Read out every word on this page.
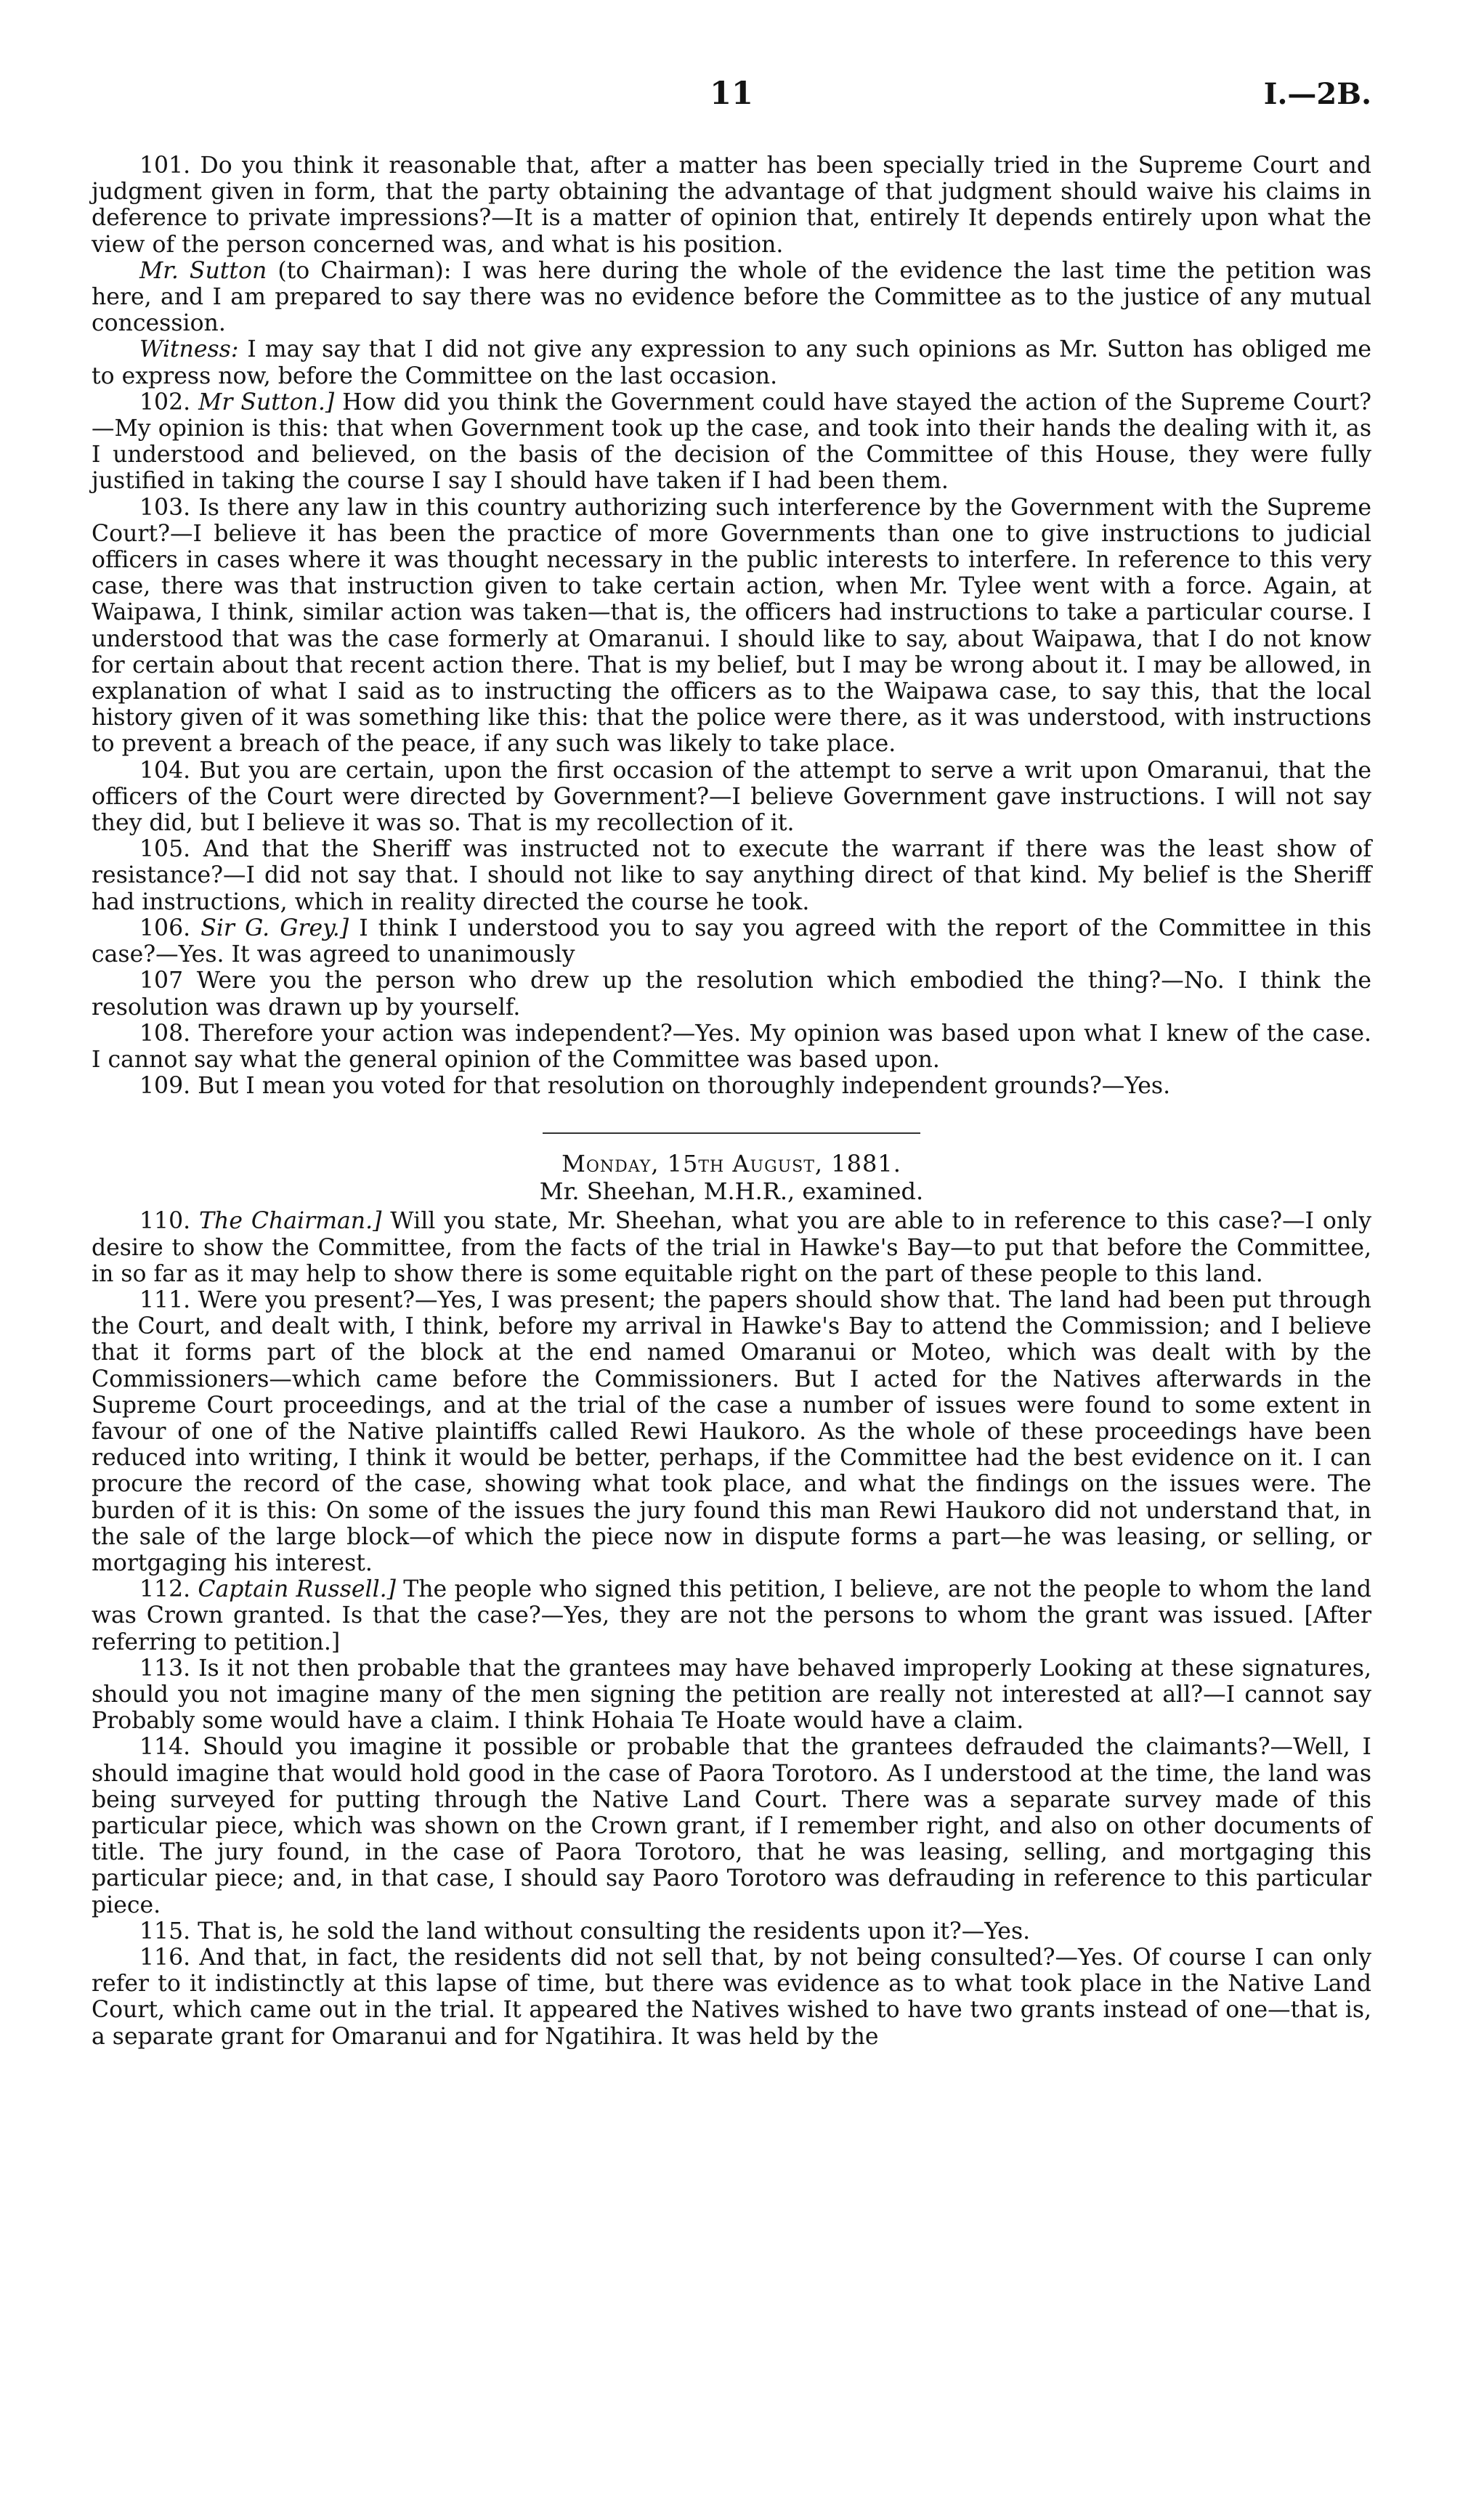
11	I.—2B.

101. Do you think it reasonable that, after a matter has been specially tried in the Supreme Court and judgment given in form, that the party obtaining the advantage of that judgment should waive his claims in deference to private impressions?—It is a matter of opinion that, entirely It depends entirely upon what the view of the person concerned was, and what is his position.

Mr. Sutton (to Chairman): I was here during the whole of the evidence the last time the petition was here, and I am prepared to say there was no evidence before the Committee as to the justice of any mutual concession.

Witness: I may say that I did not give any expression to any such opinions as Mr. Sutton has obliged me to express now, before the Committee on the last occasion.

102. Mr Sutton.] How did you think the Government could have stayed the action of the Supreme Court?—My opinion is this: that when Government took up the case, and took into their hands the dealing with it, as I understood and believed, on the basis of the decision of the Committee of this House, they were fully justified in taking the course I say I should have taken if I had been them.

103. Is there any law in this country authorizing such interference by the Government with the Supreme Court?—I believe it has been the practice of more Governments than one to give instructions to judicial officers in cases where it was thought necessary in the public interests to interfere. In reference to this very case, there was that instruction given to take certain action, when Mr. Tylee went with a force. Again, at Waipawa, I think, similar action was taken—that is, the officers had instructions to take a particular course. I understood that was the case formerly at Omaranui. I should like to say, about Waipawa, that I do not know for certain about that recent action there. That is my belief, but I may be wrong about it. I may be allowed, in explanation of what I said as to instructing the officers as to the Waipawa case, to say this, that the local history given of it was something like this: that the police were there, as it was understood, with instructions to prevent a breach of the peace, if any such was likely to take place.

104. But you are certain, upon the first occasion of the attempt to serve a writ upon Omaranui, that the officers of the Court were directed by Government?—I believe Government gave instructions. I will not say they did, but I believe it was so. That is my recollection of it.

105. And that the Sheriff was instructed not to execute the warrant if there was the least show of resistance?—I did not say that. I should not like to say anything direct of that kind. My belief is the Sheriff had instructions, which in reality directed the course he took.

106. Sir G. Grey.] I think I understood you to say you agreed with the report of the Committee in this case?—Yes. It was agreed to unanimously

107 Were you the person who drew up the resolution which embodied the thing?—No. I think the resolution was drawn up by yourself.

108. Therefore your action was independent?—Yes. My opinion was based upon what I knew of the case. I cannot say what the general opinion of the Committee was based upon.

109. But I mean you voted for that resolution on thoroughly independent grounds?—Yes.

Monday, 15th August, 1881.

Mr. Sheehan, M.H.R., examined.

110. The Chairman.] Will you state, Mr. Sheehan, what you are able to in reference to this case?—I only desire to show the Committee, from the facts of the trial in Hawke's Bay—to put that before the Committee, in so far as it may help to show there is some equitable right on the part of these people to this land.

111. Were you present?—Yes, I was present; the papers should show that. The land had been put through the Court, and dealt with, I think, before my arrival in Hawke's Bay to attend the Commission; and I believe that it forms part of the block at the end named Omaranui or Moteo, which was dealt with by the Commissioners—which came before the Commissioners. But I acted for the Natives afterwards in the Supreme Court proceedings, and at the trial of the case a number of issues were found to some extent in favour of one of the Native plaintiffs called Rewi Haukoro. As the whole of these proceedings have been reduced into writing, I think it would be better, perhaps, if the Committee had the best evidence on it. I can procure the record of the case, showing what took place, and what the findings on the issues were. The burden of it is this: On some of the issues the jury found this man Rewi Haukoro did not understand that, in the sale of the large block—of which the piece now in dispute forms a part—he was leasing, or selling, or mortgaging his interest.

112. Captain Russell.] The people who signed this petition, I believe, are not the people to whom the land was Crown granted. Is that the case?—Yes, they are not the persons to whom the grant was issued. [After referring to petition.]

113. Is it not then probable that the grantees may have behaved improperly Looking at these signatures, should you not imagine many of the men signing the petition are really not interested at all?—I cannot say Probably some would have a claim. I think Hohaia Te Hoate would have a claim.

114. Should you imagine it possible or probable that the grantees defrauded the claimants?—Well, I should imagine that would hold good in the case of Paora Torotoro. As I understood at the time, the land was being surveyed for putting through the Native Land Court. There was a separate survey made of this particular piece, which was shown on the Crown grant, if I remember right, and also on other documents of title. The jury found, in the case of Paora Torotoro, that he was leasing, selling, and mortgaging this particular piece; and, in that case, I should say Paoro Torotoro was defrauding in reference to this particular piece.

115. That is, he sold the land without consulting the residents upon it?—Yes.

116. And that, in fact, the residents did not sell that, by not being consulted?—Yes. Of course I can only refer to it indistinctly at this lapse of time, but there was evidence as to what took place in the Native Land Court, which came out in the trial. It appeared the Natives wished to have two grants instead of one—that is, a separate grant for Omaranui and for Ngatihira. It was held by the
